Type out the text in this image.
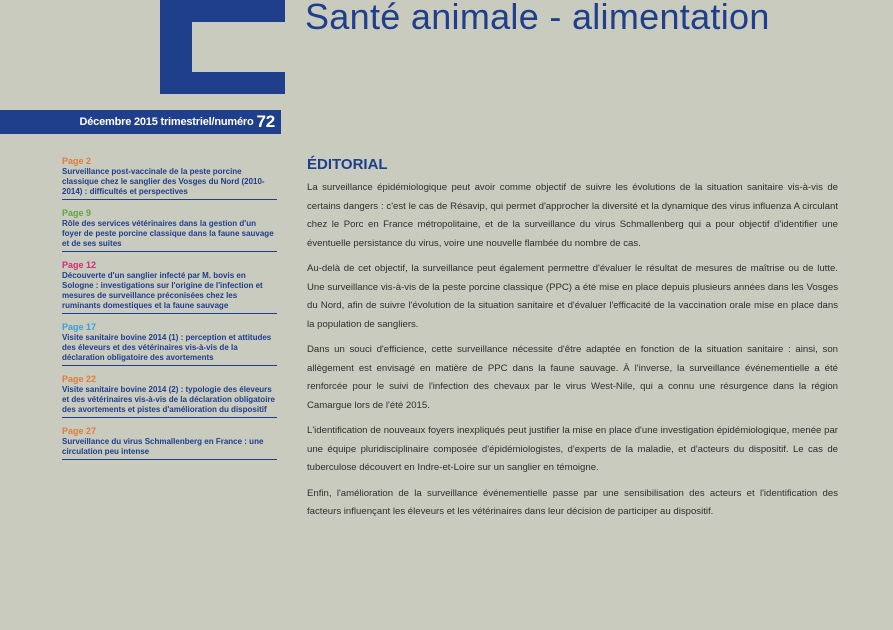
Santé animale - alimentation
Décembre 2015 trimestriel/numéro 72
Page 2
Surveillance post-vaccinale de la peste porcine classique chez le sanglier des Vosges du Nord (2010-2014) : difficultés et perspectives
Page 9
Rôle des services vétérinaires dans la gestion d'un foyer de peste porcine classique dans la faune sauvage et de ses suites
Page 12
Découverte d'un sanglier infecté par M. bovis en Sologne : investigations sur l'origine de l'infection et mesures de surveillance préconisées chez les ruminants domestiques et la faune sauvage
Page 17
Visite sanitaire bovine 2014 (1) : perception et attitudes des éleveurs et des vétérinaires vis-à-vis de la déclaration obligatoire des avortements
Page 22
Visite sanitaire bovine 2014 (2) : typologie des éleveurs et des vétérinaires vis-à-vis de la déclaration obligatoire des avortements et pistes d'amélioration du dispositif
Page 27
Surveillance du virus Schmallenberg en France : une circulation peu intense
ÉDITORIAL

La surveillance épidémiologique peut avoir comme objectif de suivre les évolutions de la situation sanitaire vis-à-vis de certains dangers : c'est le cas de Résavip, qui permet d'approcher la diversité et la dynamique des virus influenza A circulant chez le Porc en France métropolitaine, et de la surveillance du virus Schmallenberg qui a pour objectif d'identifier une éventuelle persistance du virus, voire une nouvelle flambée du nombre de cas.

Au-delà de cet objectif, la surveillance peut également permettre d'évaluer le résultat de mesures de maîtrise ou de lutte. Une surveillance vis-à-vis de la peste porcine classique (PPC) a été mise en place depuis plusieurs années dans les Vosges du Nord, afin de suivre l'évolution de la situation sanitaire et d'évaluer l'efficacité de la vaccination orale mise en place dans la population de sangliers.

Dans un souci d'efficience, cette surveillance nécessite d'être adaptée en fonction de la situation sanitaire : ainsi, son allègement est envisagé en matière de PPC dans la faune sauvage. À l'inverse, la surveillance événementielle a été renforcée pour le suivi de l'infection des chevaux par le virus West-Nile, qui a connu une résurgence dans la région Camargue lors de l'été 2015.

L'identification de nouveaux foyers inexpliqués peut justifier la mise en place d'une investigation épidémiologique, menée par une équipe pluridisciplinaire composée d'épidémiologistes, d'experts de la maladie, et d'acteurs du dispositif. Le cas de tuberculose découvert en Indre-et-Loire sur un sanglier en témoigne.

Enfin, l'amélioration de la surveillance événementielle passe par une sensibilisation des acteurs et l'identification des facteurs influençant les éleveurs et les vétérinaires dans leur décision de participer au dispositif.
